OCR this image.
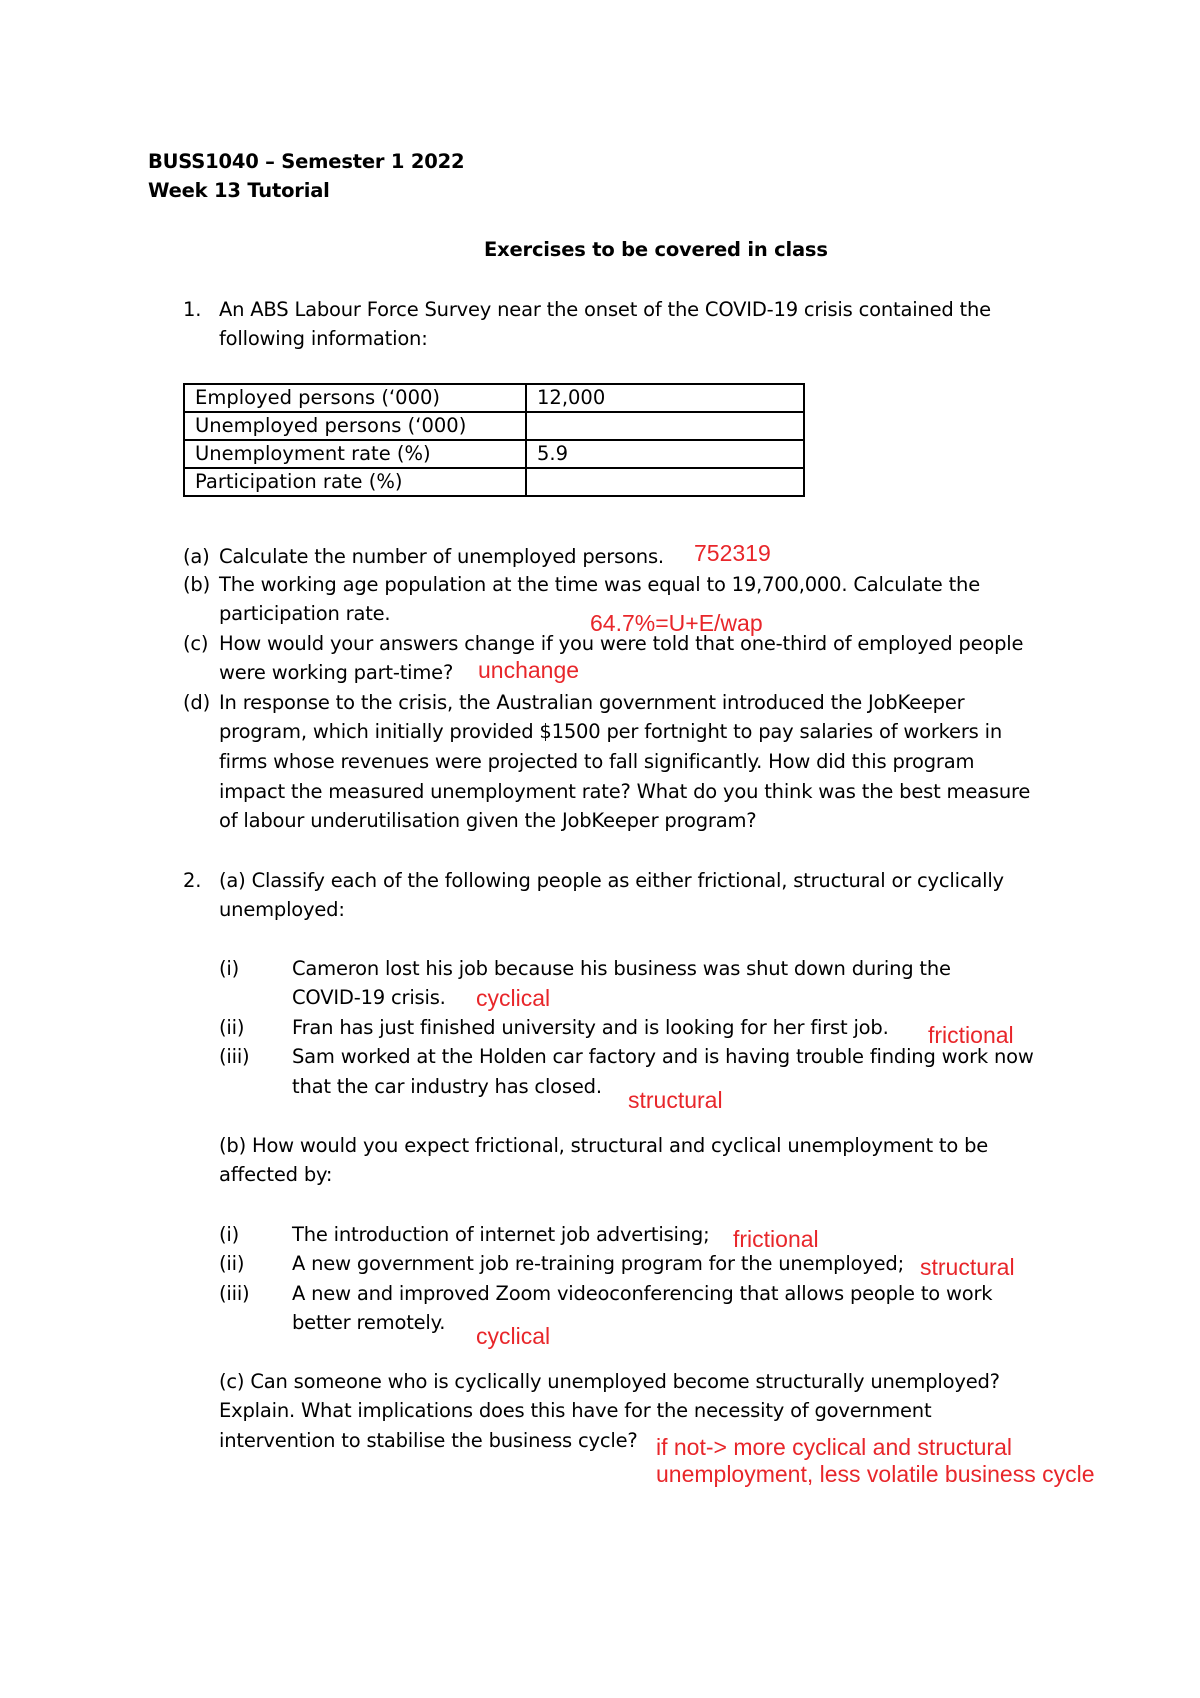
BUSS1040 – Semester 1 2022
Week 13 Tutorial
Exercises to be covered in class
1. An ABS Labour Force Survey near the onset of the COVID-19 crisis contained the
following information:
Employed persons (‘000)	12,000
Unemployed persons (‘000)	
Unemployment rate (%)	5.9
Participation rate (%)	
(a) Calculate the number of unemployed persons.
(b) The working age population at the time was equal to 19,700,000. Calculate the
participation rate.
(c) How would your answers change if you were told that one-third of employed people
were working part-time?
(d) In response to the crisis, the Australian government introduced the JobKeeper
program, which initially provided $1500 per fortnight to pay salaries of workers in
firms whose revenues were projected to fall significantly. How did this program
impact the measured unemployment rate? What do you think was the best measure
of labour underutilisation given the JobKeeper program?
2. (a) Classify each of the following people as either frictional, structural or cyclically
unemployed:
(i)	Cameron lost his job because his business was shut down during the
COVID-19 crisis.
(ii) Fran has just finished university and is looking for her first job.
(iii) Sam worked at the Holden car factory and is having trouble finding work now
that the car industry has closed.
(b) How would you expect frictional, structural and cyclical unemployment to be
affected by:
(i)	The introduction of internet job advertising;
(ii) A new government job re-training program for the unemployed;
(iii) A new and improved Zoom videoconferencing that allows people to work
better remotely.
(c) Can someone who is cyclically unemployed become structurally unemployed?
Explain. What implications does this have for the necessity of government
intervention to stabilise the business cycle?
752319
64.7%=U+E/wap
unchange
cyclical
frictional
structural
frictional
structural
cyclical
if not-> more cyclical and structural
unemployment, less volatile business cycle
